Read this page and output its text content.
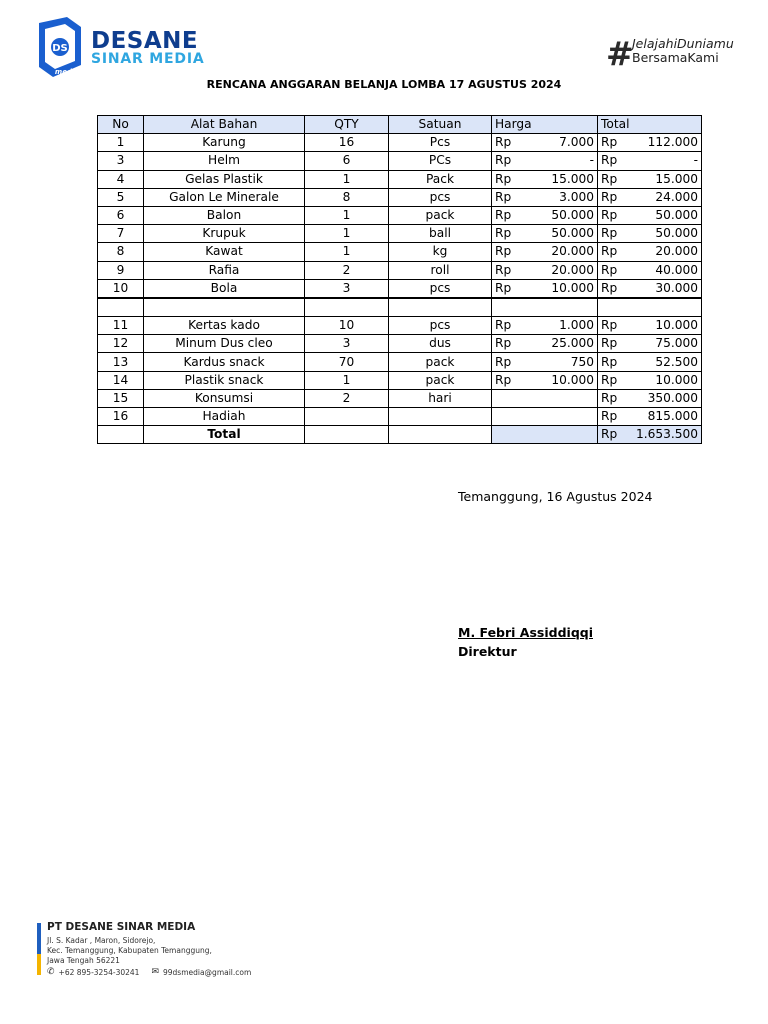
DS
media
DESANE
SINAR MEDIA	#
JelajahiDuniamu
BersamaKami
RENCANA ANGGARAN BELANJA LOMBA 17 AGUSTUS 2024
No	Alat Bahan	QTY	Satuan	Harga	Total
1	Karung	16	Pcs	Rp 7.000	Rp 112.000

3	Helm	6	PCs	Rp -	Rp -

4	Gelas Plastik	1	Pack	Rp 15.000	Rp 15.000

5	Galon Le Minerale	8	pcs	Rp 3.000	Rp 24.000

6	Balon	1	pack	Rp 50.000	Rp 50.000

7	Krupuk	1	ball	Rp 50.000	Rp 50.000

8	Kawat	1	kg	Rp 20.000	Rp 20.000

9	Rafia	2	roll	Rp 20.000	Rp 40.000

10	Bola	3	pcs	Rp 10.000	Rp 30.000

11	Kertas kado	10	pcs	Rp 1.000	Rp 10.000

12	Minum Dus cleo	3	dus	Rp 25.000	Rp 75.000

13	Kardus snack	70	pack	Rp 750	Rp 52.500

14	Plastik snack	1	pack	Rp 10.000	Rp 10.000

15	Konsumsi	2	hari		Rp 350.000

16	Hadiah				Rp 815.000

	Total				Rp 1.653.500
Temanggung, 16 Agustus 2024
M. Febri Assiddiqqi
Direktur
PT DESANE SINAR MEDIA
Jl. S. Kadar , Maron, Sidorejo,
Kec. Temanggung, Kabupaten Temanggung,
Jawa Tengah 56221
✆ +62 895-3254-30241 ✉ 99dsmedia@gmail.com
